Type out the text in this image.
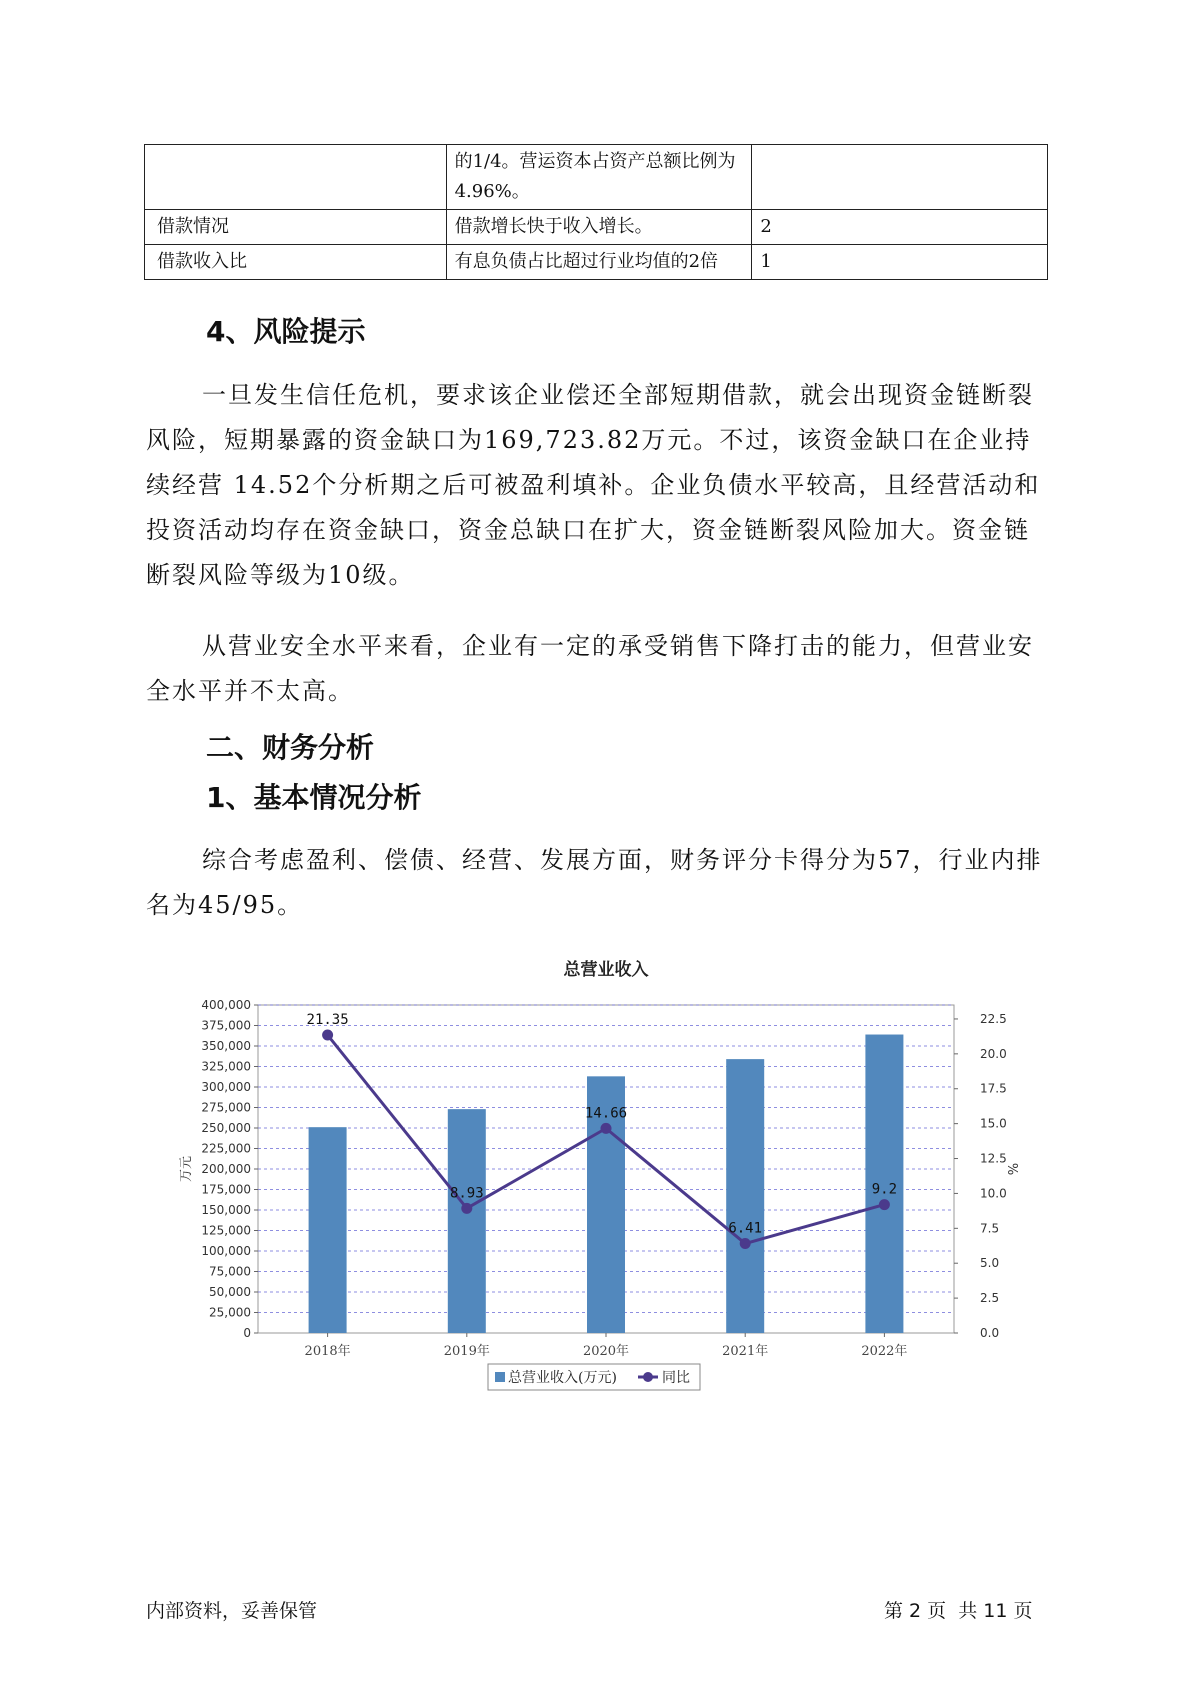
	的1/4。营运资本占资产总额比例为4.96%。	
借款情况	借款增长快于收入增长。	2
借款收入比	有息负债占比超过行业均值的2倍	1
4、风险提示

一旦发生信任危机，要求该企业偿还全部短期借款，就会出现资金链断裂风险，短期暴露的资金缺口为169,723.82万元。不过，该资金缺口在企业持续经营 14.52个分析期之后可被盈利填补。企业负债水平较高，且经营活动和投资活动均存在资金缺口，资金总缺口在扩大，资金链断裂风险加大。资金链断裂风险等级为10级。

从营业安全水平来看，企业有一定的承受销售下降打击的能力，但营业安全水平并不太高。

二、财务分析
1、基本情况分析

综合考虑盈利、偿债、经营、发展方面，财务评分卡得分为57，行业内排名为45/95。

总营业收入
0
25,000
50,000
75,000
100,000
125,000
150,000
175,000
200,000
225,000
250,000
275,000
300,000
325,000
350,000
375,000
400,000
0.0
2.5
5.0
7.5
10.0
12.5
15.0
17.5
20.0
22.5
万元	%
2018年	2019年	2020年	2021年	2022年
21.35
8.93
14.66
6.41
9.2
总营业收入(万元)	同比
内部资料，妥善保管	第 2 页  共 11 页
